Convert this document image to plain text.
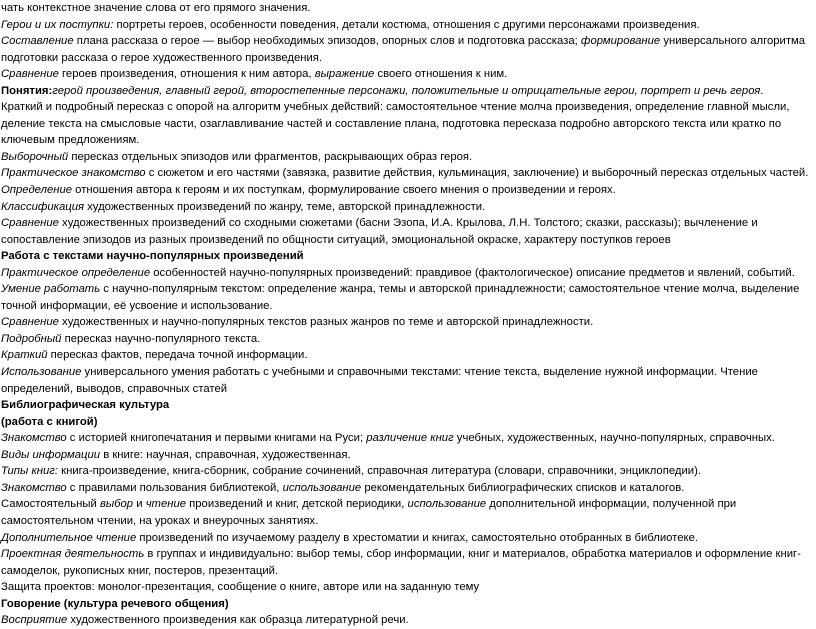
чать контекстное значение слова от его прямого значения.

Герои и их поступки: портреты героев, особенности поведения, детали костюма, отношения с другими персонажами произведения.

Составление плана рассказа о герое — выбор необходимых эпизодов, опорных слов и подготовка рассказа; формирование универсального алгоритма подготовки рассказа о герое художественного произведения.

Сравнение героев произведения, отношения к ним автора, выражение своего отношения к ним.

Понятия:герой произведения, главный герой, второстепенные персонажи, положительные и отрицательные герои, портрет и речь героя.

Краткий и подробный пересказ с опорой на алгоритм учебных действий: самостоятельное чтение молча произведения, определение главной мысли, деление текста на смысловые части, озаглавливание частей и составление плана, подготовка пересказа подробно авторского текста или кратко по ключевым предложениям.

Выборочный пересказ отдельных эпизодов или фрагментов, раскрывающих образ героя.

Практическое знакомство с сюжетом и его частями (завязка, развитие действия, кульминация, заключение) и выборочный пересказ отдельных частей.

Определение отношения автора к героям и их поступкам, формулирование своего мнения о произведении и героях.

Классификация художественных произведений по жанру, теме, авторской принадлежности.

Сравнение художественных произведений со сходными сюжетами (басни Эзопа, И.А. Крылова, Л.Н. Толстого; сказки, рассказы); вычленение и сопоставление эпизодов из разных произведений по общности ситуаций, эмоциональной окраске, характеру поступков героев

Работа с текстами научно-популярных произведений

Практическое определение особенностей научно-популярных произведений: правдивое (фактологическое) описание предметов и явлений, событий.

Умение работать с научно-популярным текстом: определение жанра, темы и авторской принадлежности; самостоятельное чтение молча, выделение точной информации, её усвоение и использование.

Сравнение художественных и научно-популярных текстов разных жанров по теме и авторской принадлежности.

Подробный пересказ научно-популярного текста.

Краткий пересказ фактов, передача точной информации.

Использование универсального умения работать с учебными и справочными текстами: чтение текста, выделение нужной информации. Чтение определений, выводов, справочных статей

Библиографическая культура

(работа с книгой)

Знакомство с историей книгопечатания и первыми книгами на Руси; различение книг учебных, художественных, научно-популярных, справочных.

Виды информации в книге: научная, справочная, художественная.

Типы книг: книга-произведение, книга-сборник, собрание сочинений, справочная литература (словари, справочники, энциклопедии).

Знакомство с правилами пользования библиотекой, использование рекомендательных библиографических списков и каталогов.

Самостоятельный выбор и чтение произведений и книг, детской периодики, использование дополнительной информации, полученной при самостоятельном чтении, на уроках и внеурочных занятиях.

Дополнительное чтение произведений по изучаемому разделу в хрестоматии и книгах, самостоятельно отобранных в библиотеке.

Проектная деятельность в группах и индивидуально: выбор темы, сбор информации, книг и материалов, обработка материалов и оформление книг-самоделок, рукописных книг, постеров, презентаций.

Защита проектов: монолог-презентация, сообщение о книге, авторе или на заданную тему

Говорение (культура речевого общения)

Восприятие художественного произведения как образца литературной речи.
